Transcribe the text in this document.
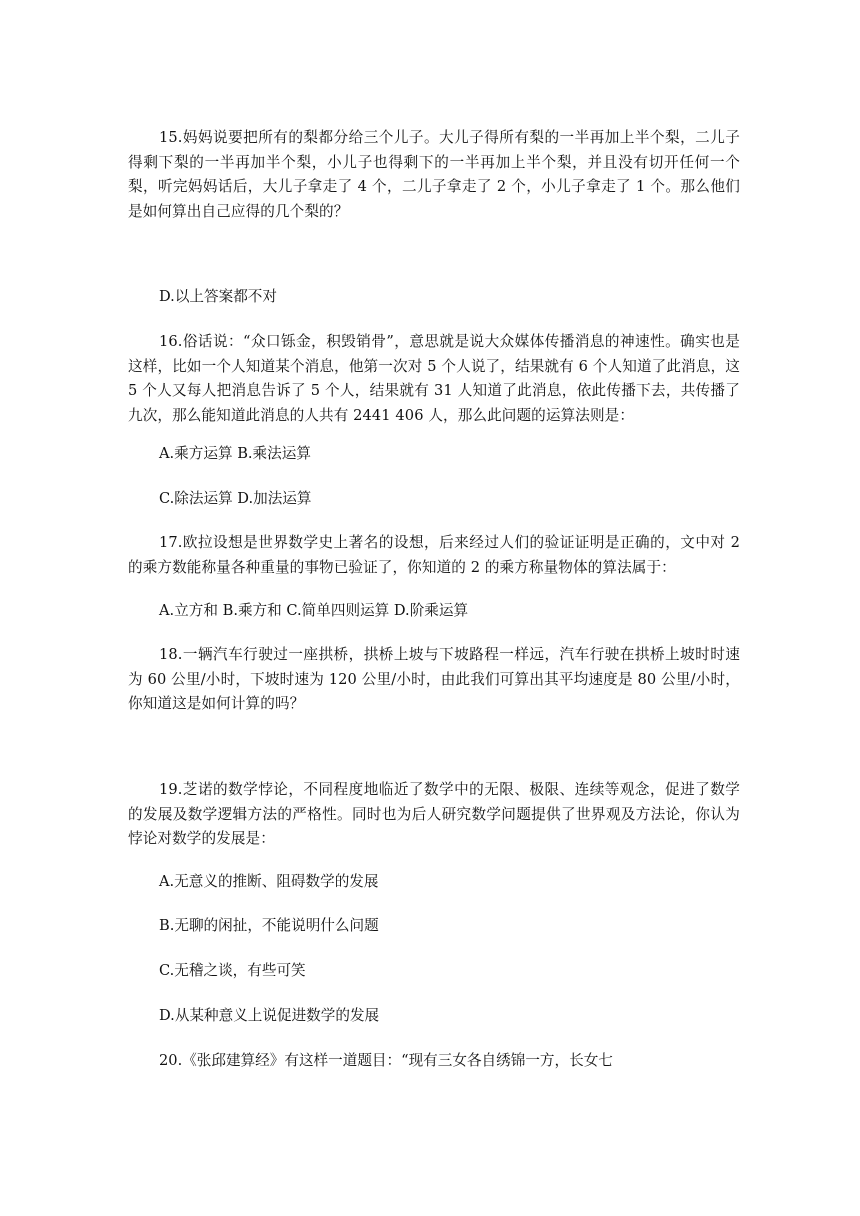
15.妈妈说要把所有的梨都分给三个儿子。大儿子得所有梨的一半再加上半个梨，二儿子得剩下梨的一半再加半个梨，小儿子也得剩下的一半再加上半个梨，并且没有切开任何一个梨，听完妈妈话后，大儿子拿走了 4 个，二儿子拿走了 2 个，小儿子拿走了 1 个。那么他们是如何算出自己应得的几个梨的？

D.以上答案都不对

16.俗话说：“众口铄金，积毁销骨”，意思就是说大众媒体传播消息的神速性。确实也是这样，比如一个人知道某个消息，他第一次对 5 个人说了，结果就有 6 个人知道了此消息，这 5 个人又每人把消息告诉了 5 个人，结果就有 31 人知道了此消息，依此传播下去，共传播了九次，那么能知道此消息的人共有 2441 406 人，那么此问题的运算法则是：

A.乘方运算 B.乘法运算

C.除法运算 D.加法运算

17.欧拉设想是世界数学史上著名的设想，后来经过人们的验证证明是正确的，文中对 2 的乘方数能称量各种重量的事物已验证了，你知道的 2 的乘方称量物体的算法属于：

A.立方和 B.乘方和 C.简单四则运算 D.阶乘运算

18.一辆汽车行驶过一座拱桥，拱桥上坡与下坡路程一样远，汽车行驶在拱桥上坡时时速为 60 公里/小时，下坡时速为 120 公里/小时，由此我们可算出其平均速度是 80 公里/小时，你知道这是如何计算的吗？

19.芝诺的数学悖论，不同程度地临近了数学中的无限、极限、连续等观念，促进了数学的发展及数学逻辑方法的严格性。同时也为后人研究数学问题提供了世界观及方法论，你认为悖论对数学的发展是：

A.无意义的推断、阻碍数学的发展

B.无聊的闲扯，不能说明什么问题

C.无稽之谈，有些可笑

D.从某种意义上说促进数学的发展

20.《张邱建算经》有这样一道题目：“现有三女各自绣锦一方，长女七
